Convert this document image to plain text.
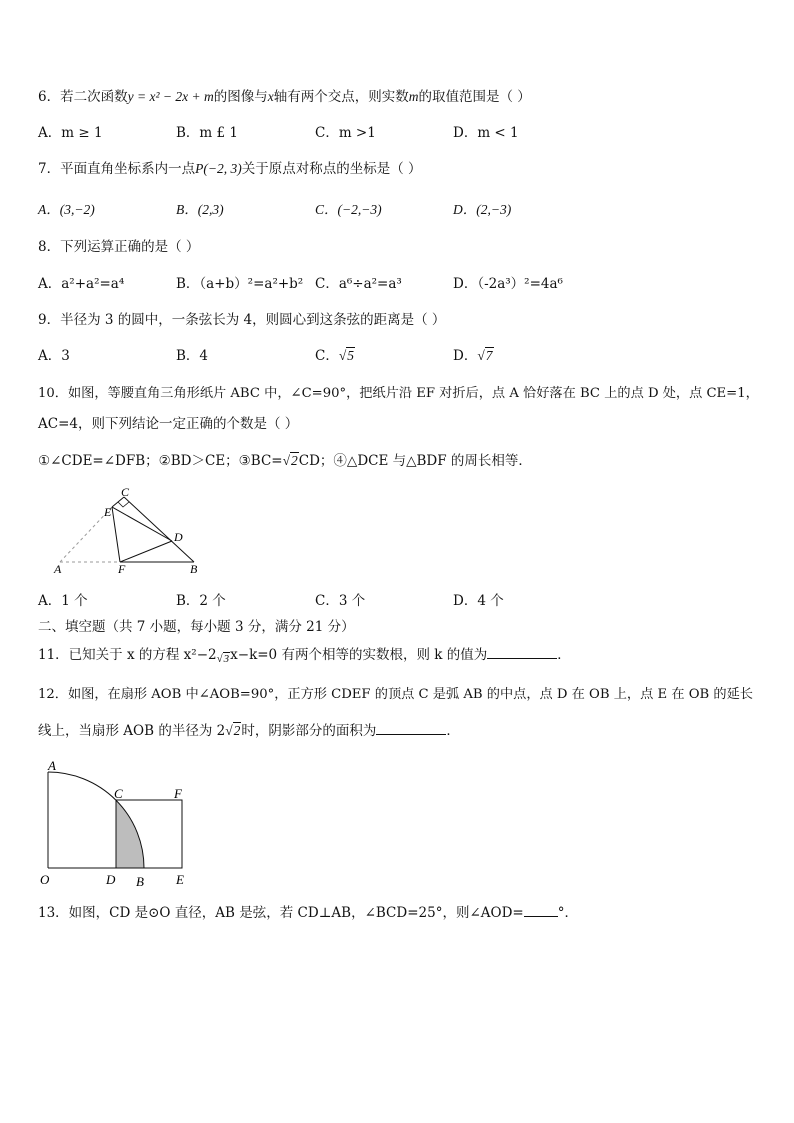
6．若二次函数y = x² − 2x + m的图像与x轴有两个交点，则实数m的取值范围是（ ）
A．m ≥ 1	B．m £ 1	C．m >1	D．m < 1
7．平面直角坐标系内一点P(−2, 3)关于原点对称点的坐标是（ ）
A．(3,−2)	B．(2,3)	C．(−2,−3)	D．(2,−3)
8．下列运算正确的是（ ）
A．a²+a²=a⁴	B．（a+b）²=a²+b² C．a⁶÷a²=a³	D．（-2a³）²=4a⁶
9．半径为 3 的圆中，一条弦长为 4，则圆心到这条弦的距离是（ ）
A．3	B．4	C．√5	D．√7
10．如图，等腰直角三角形纸片 ABC 中，∠C=90°，把纸片沿 EF 对折后，点 A 恰好落在 BC 上的点 D 处，点 CE=1，
AC=4，则下列结论一定正确的个数是（ ）
①∠CDE=∠DFB；②BD＞CE；③BC=√2CD；④△DCE 与△BDF 的周长相等．
C
E
D
A	F	B
A．1 个	B．2 个	C．3 个	D．4 个
二、填空题（共 7 小题，每小题 3 分，满分 21 分）
11．已知关于 x 的方程 x²−2√3x−k=0 有两个相等的实数根，则 k 的值为	．
12．如图，在扇形 AOB 中∠AOB=90°，正方形 CDEF 的顶点 C 是弧 AB 的中点，点 D 在 OB 上，点 E 在 OB 的延长
线上，当扇形 AOB 的半径为 2√2时，阴影部分的面积为	．
A
C	F
O	D B E
13．如图，CD 是⊙O 直径，AB 是弦，若 CD⊥AB，∠BCD=25°，则∠AOD=	°．
